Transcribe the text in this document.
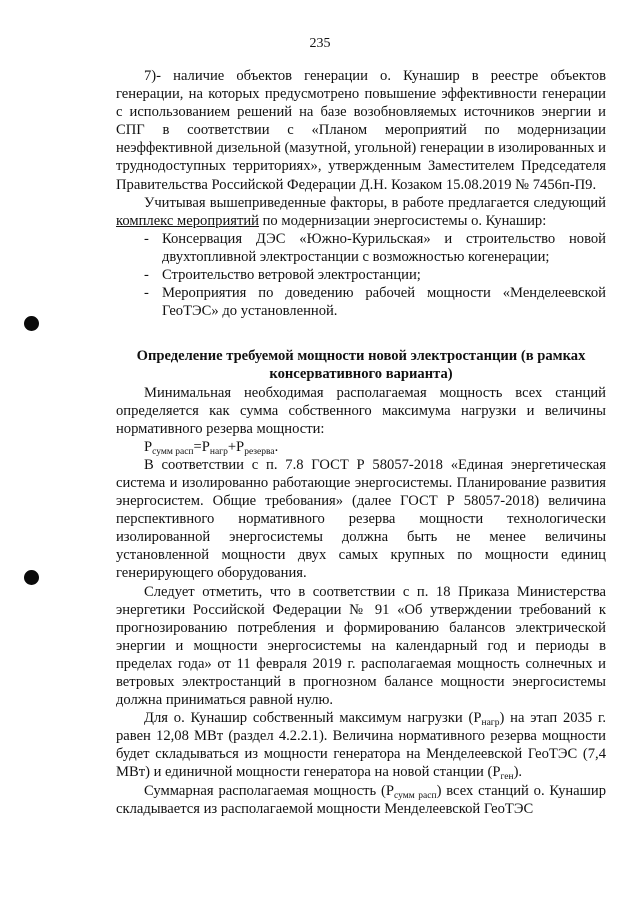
235

7)- наличие объектов генерации о. Кунашир в реестре объектов генерации, на которых предусмотрено повышение эффективности генерации с использованием решений на базе возобновляемых источников энергии и СПГ в соответствии с «Планом мероприятий по модернизации неэффективной дизельной (мазутной, угольной) генерации в изолированных и труднодоступных территориях», утвержденным Заместителем Председателя Правительства Российской Федерации Д.Н. Козаком 15.08.2019 № 7456п-П9.

Учитывая вышеприведенные факторы, в работе предлагается следующий комплекс мероприятий по модернизации энергосистемы о. Кунашир:

- Консервация ДЭС «Южно-Курильская» и строительство новой двухтопливной электростанции с возможностью когенерации;
- Строительство ветровой электростанции;
- Мероприятия по доведению рабочей мощности «Менделеевской ГеоТЭС» до установленной.
Определение требуемой мощности новой электростанции (в рамках консервативного варианта)

Минимальная необходимая располагаемая мощность всех станций определяется как сумма собственного максимума нагрузки и величины нормативного резерва мощности:

$P_{сумм расп}=P_{нагр}+P_{резерва}$.

В соответствии с п. 7.8 ГОСТ Р 58057-2018 «Единая энергетическая система и изолированно работающие энергосистемы. Планирование развития энергосистем. Общие требования» (далее ГОСТ Р 58057-2018) величина перспективного нормативного резерва мощности технологически изолированной энергосистемы должна быть не менее величины установленной мощности двух самых крупных по мощности единиц генерирующего оборудования.

Следует отметить, что в соответствии с п. 18 Приказа Министерства энергетики Российской Федерации № 91 «Об утверждении требований к прогнозированию потребления и формированию балансов электрической энергии и мощности энергосистемы на календарный год и периоды в пределах года» от 11 февраля 2019 г. располагаемая мощность солнечных и ветровых электростанций в прогнозном балансе мощности энергосистемы должна приниматься равной нулю.

Для о. Кунашир собственный максимум нагрузки $(P_{нагр})$ на этап 2035 г. равен 12,08 МВт (раздел 4.2.2.1). Величина нормативного резерва мощности будет складываться из мощности генератора на Менделеевской ГеоТЭС (7,4 МВт) и единичной мощности генератора на новой станции $(P_{ген})$.

Суммарная располагаемая мощность $(P_{сумм расп})$ всех станций о. Кунашир складывается из располагаемой мощности Менделеевской ГеоТЭС
